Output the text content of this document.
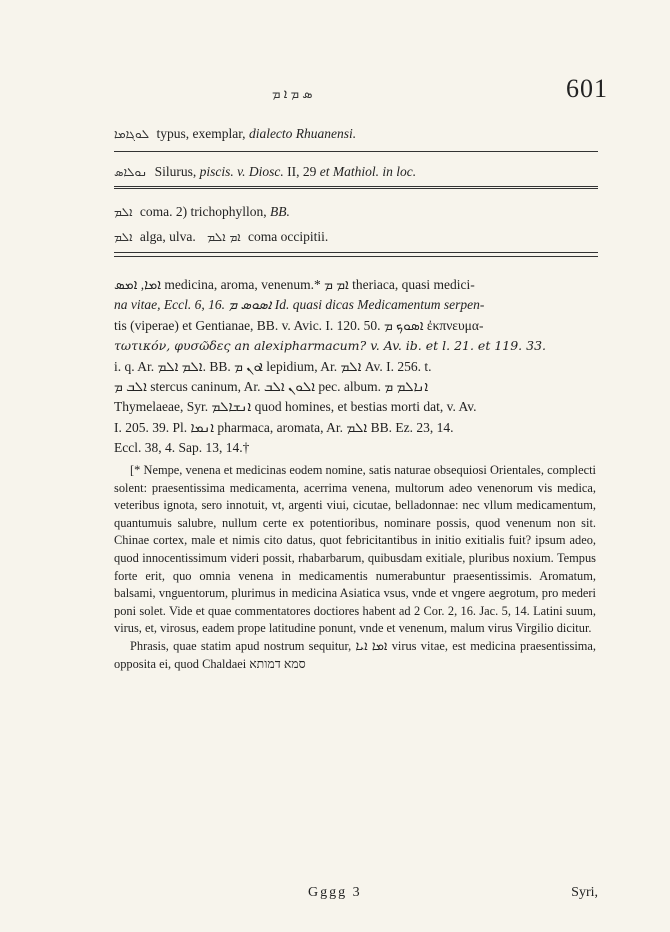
ܣ ܡ ܐ ܡ	601
ܠܘܓܐܡܐ typus, exemplar, dialecto Rhuanensi.
ܢܘܠܐܣ Silurus, piscis. v. Diosc. II, 29 et Mathiol. in loc.
ܐܠܡ coma. 2) trichophyllon, BB.
ܐܠܡ alga, ulva. ܐܡ ܐܠܡ coma occipitii.
ܐܡܐ, ܐܡܣ medicina, aroma, venenum.* ܐܡ ܡ theriaca, quasi medici-
na vitae, Eccl. 6, 16. ܐܣܘܣ ܡ Id. quasi dicas Medicamentum serpen-
tis (viperae) et Gentianae, BB. v. Avic. I. 120. 50. ܐܣܘܟ ܡ ἐκπνευμα-
τωτικόν, φυσῶδες an alexipharmacum? v. Av. ib. et l. 21. et 119. 33.
i. q. Ar. ܐܠܡ ܐܠܡ. BB. ܐܘܢ ܡ lepidium, Ar. ܐܠܡ Av. I. 256. t.
ܐܠܒ ܡ stercus caninum, Ar. ܐܠܘܢ ܐܠܒ pec. album. ܐܢܐܠܡ ܡ
Thymelaeae, Syr. ܐܢܫܐܠܡ quod homines, et bestias morti dat, v. Av.
I. 205. 39. Pl. ܐܢܡܐ pharmaca, aromata, Ar. ܐܠܡ BB. Ez. 23, 14.
Eccl. 38, 4. Sap. 13, 14.†

[* Nempe, venena et medicinas eodem nomine, satis naturae obsequiosi Orientales, complecti solent: praesentissima medicamenta, acerrima venena, multorum adeo venenorum vis medica, veteribus ignota, sero innotuit, vt, argenti viui, cicutae, belladonnae: nec vllum medicamentum, quantumuis salubre, nullum certe ex potentioribus, nominare possis, quod venenum non sit. Chinae cortex, male et nimis cito datus, quot febricitantibus in initio exitialis fuit? ipsum adeo, quod innocentissimum videri possit, rhabarbarum, quibusdam exitiale, pluribus noxium. Tempus forte erit, quo omnia venena in medicamentis numerabuntur praesentissimis. Aromatum, balsami, vnguentorum, plurimus in medicina Asiatica vsus, vnde et vngere aegrotum, pro mederi poni solet. Vide et quae commentatores doctiores habent ad 2 Cor. 2, 16. Jac. 5, 14. Latini suum, virus, et, virosus, eadem prope latitudine ponunt, vnde et venenum, malum virus Virgilio dicitur.

Phrasis, quae statim apud nostrum sequitur, ܐܡܐ ܐܝܐ virus vitae, est medicina praesentissima, opposita ei, quod Chaldaei סמא דמותא

Gggg 3	Syri,
